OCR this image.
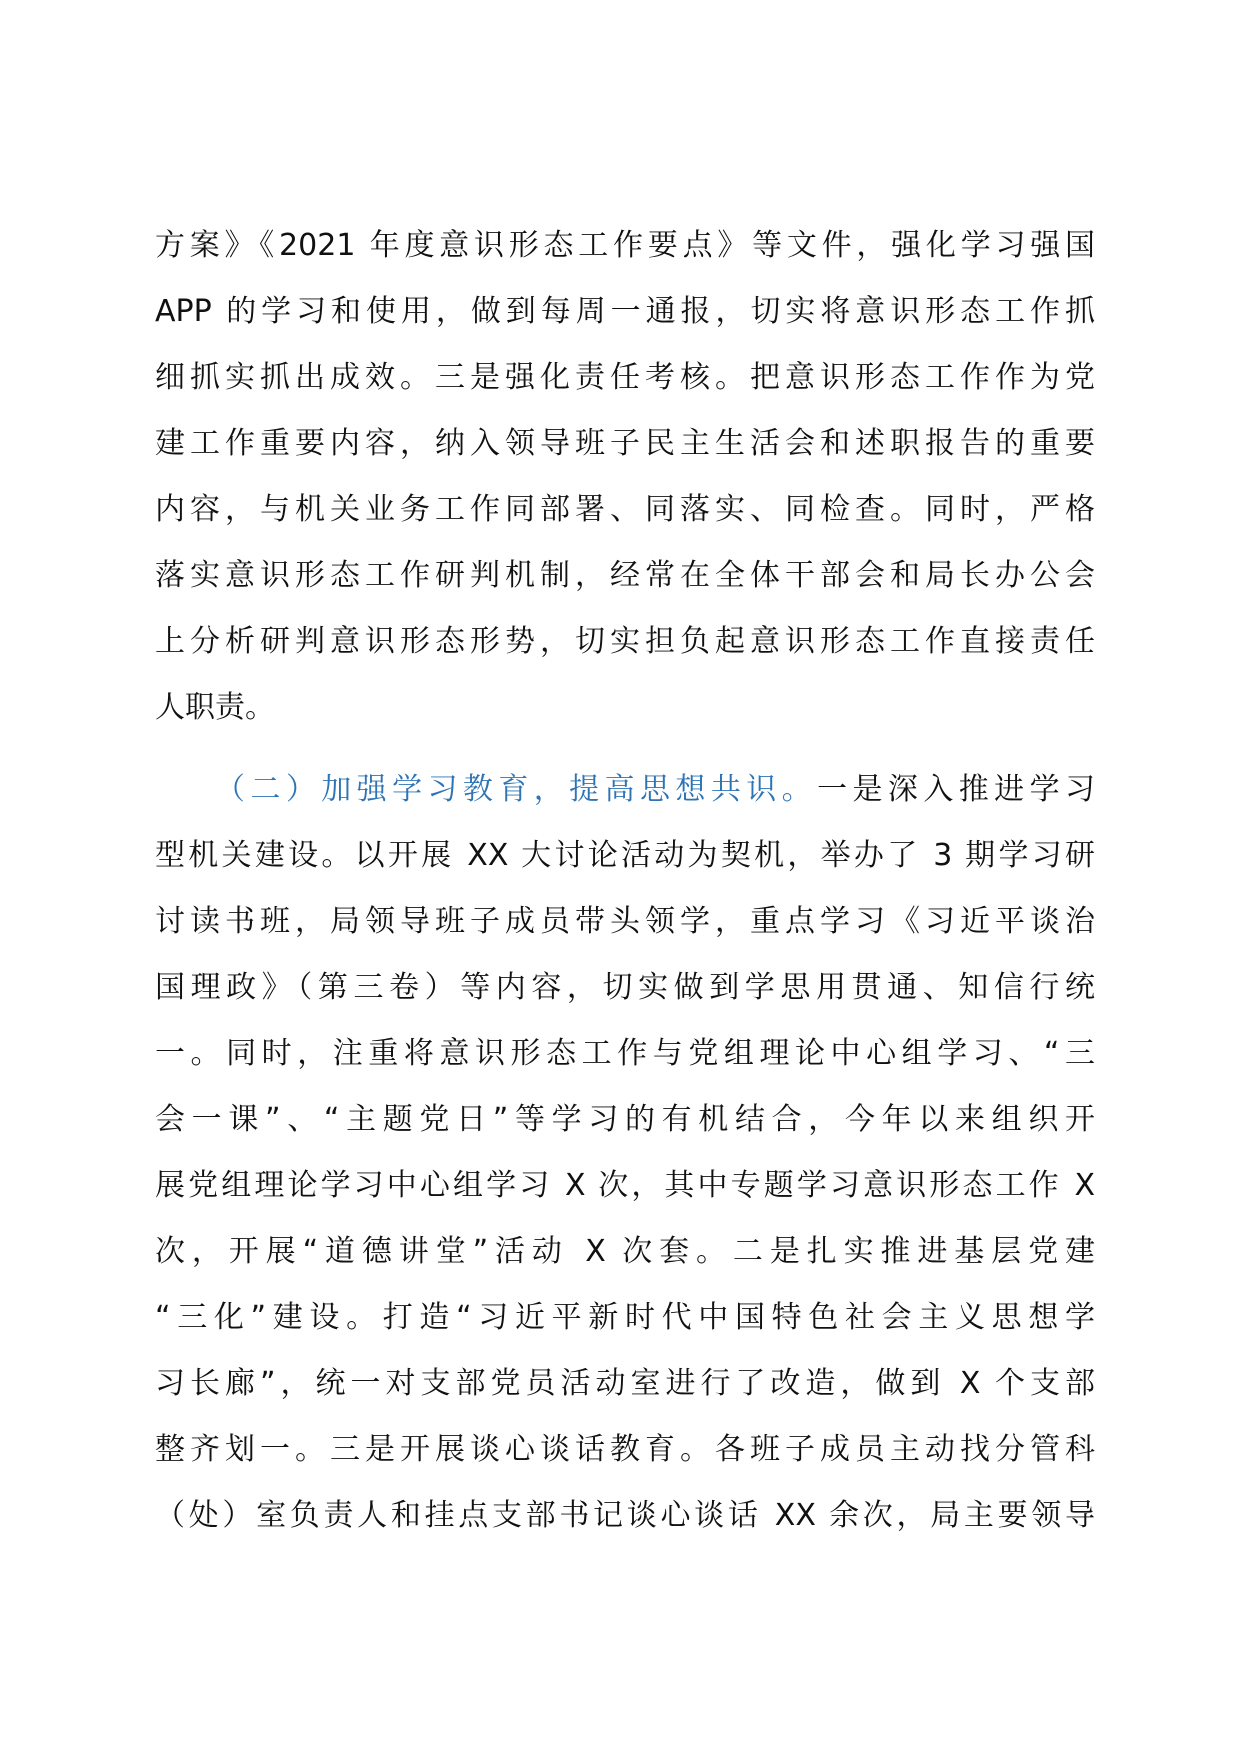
方案》《2021 年度意识形态工作要点》等文件，强化学习强国
APP 的学习和使用，做到每周一通报，切实将意识形态工作抓
细抓实抓出成效。三是强化责任考核。把意识形态工作作为党
建工作重要内容，纳入领导班子民主生活会和述职报告的重要
内容，与机关业务工作同部署、同落实、同检查。同时，严格
落实意识形态工作研判机制，经常在全体干部会和局长办公会
上分析研判意识形态形势，切实担负起意识形态工作直接责任
人职责。
（二）加强学习教育，提高思想共识。一是深入推进学习
型机关建设。以开展 XX 大讨论活动为契机，举办了 3 期学习研
讨读书班，局领导班子成员带头领学，重点学习《习近平谈治
国理政》（第三卷）等内容，切实做到学思用贯通、知信行统
一。同时，注重将意识形态工作与党组理论中心组学习、“三
会一课”、“主题党日”等学习的有机结合，今年以来组织开
展党组理论学习中心组学习 X 次，其中专题学习意识形态工作 X
次，开展“道德讲堂”活动 X 次套。二是扎实推进基层党建
“三化”建设。打造“习近平新时代中国特色社会主义思想学
习长廊”，统一对支部党员活动室进行了改造，做到 X 个支部
整齐划一。三是开展谈心谈话教育。各班子成员主动找分管科
（处）室负责人和挂点支部书记谈心谈话 XX 余次，局主要领导
